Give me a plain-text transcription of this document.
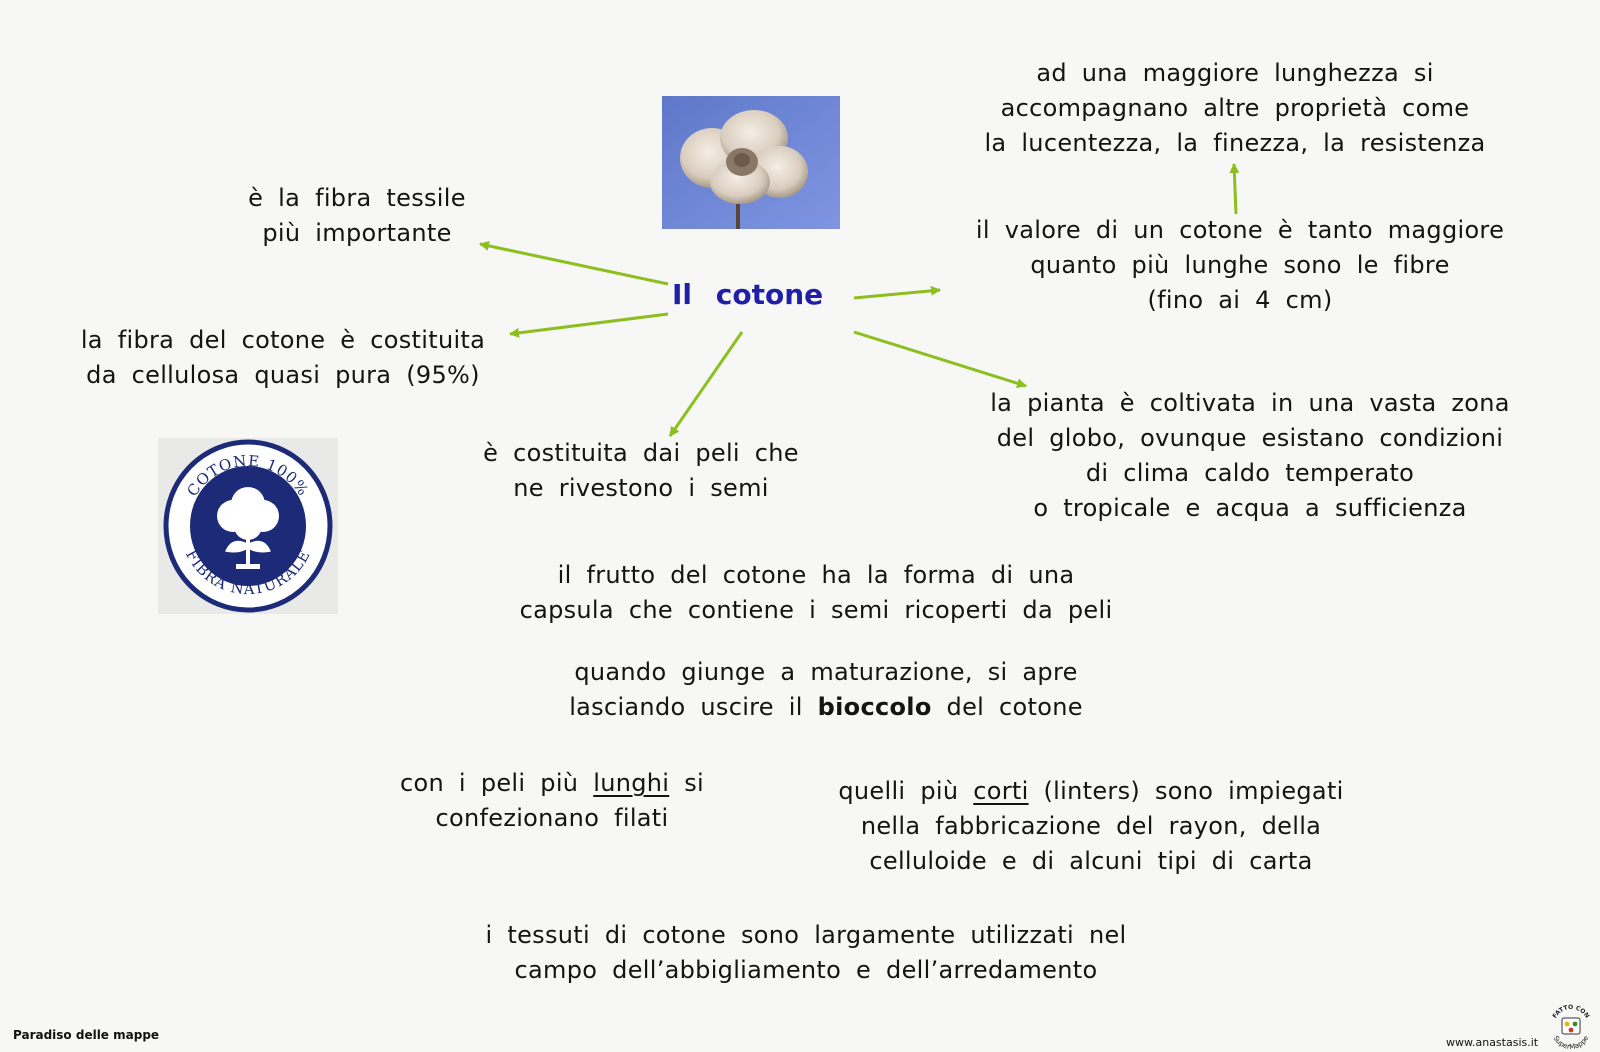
Il cotone
COTONE 100%
FIBRA NATURALE
è la fibra tessile
più importante
la fibra del cotone è costituita
da cellulosa quasi pura (95%)
è costituita dai peli che
ne rivestono i semi
il valore di un cotone è tanto maggiore
quanto più lunghe sono le fibre
(fino ai 4 cm)
ad una maggiore lunghezza si
accompagnano altre proprietà come
la lucentezza, la finezza, la resistenza
la pianta è coltivata in una vasta zona
del globo, ovunque esistano condizioni
di clima caldo temperato
o tropicale e acqua a sufficienza
il frutto del cotone ha la forma di una
capsula che contiene i semi ricoperti da peli
quando giunge a maturazione, si apre
lasciando uscire il bioccolo del cotone
con i peli più lunghi si
confezionano filati
quelli più corti (linters) sono impiegati
nella fabbricazione del rayon, della
celluloide e di alcuni tipi di carta
i tessuti di cotone sono largamente utilizzati nel
campo dell’abbigliamento e dell’arredamento
Paradiso delle mappe
www.anastasis.it
FATTO CON
SuperMappe
